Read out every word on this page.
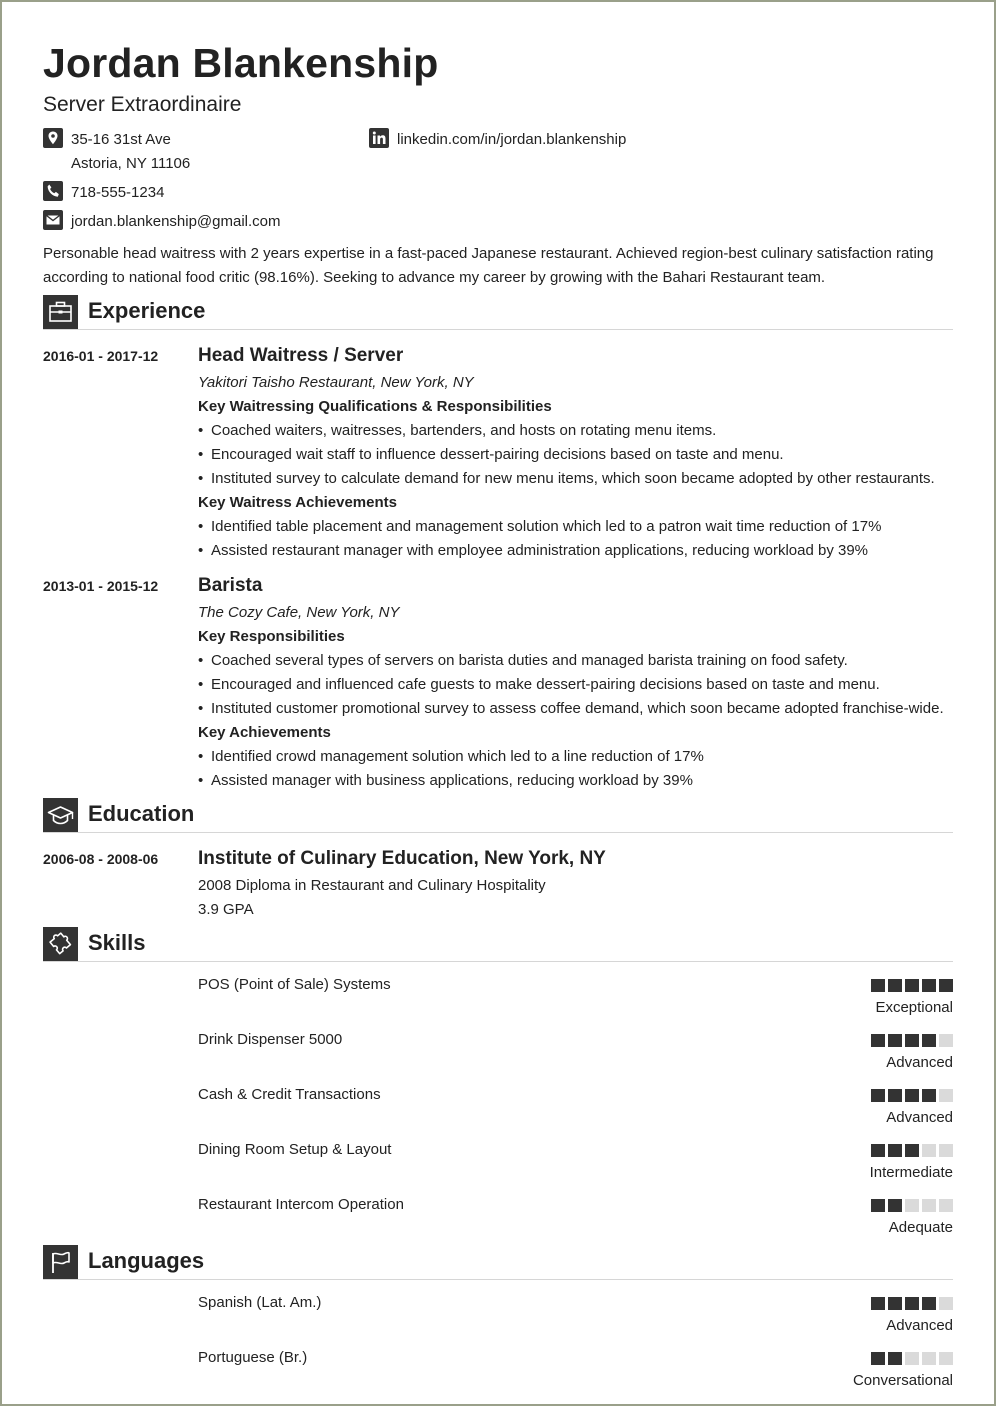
Jordan Blankenship
Server Extraordinaire
35-16 31st Ave
Astoria, NY 11106
linkedin.com/in/jordan.blankenship
718-555-1234
jordan.blankenship@gmail.com
Personable head waitress with 2 years expertise in a fast-paced Japanese restaurant. Achieved region-best culinary satisfaction rating
according to national food critic (98.16%). Seeking to advance my career by growing with the Bahari Restaurant team.
Experience
2016-01 - 2017-12 Head Waitress / Server
Yakitori Taisho Restaurant, New York, NY
Key Waitressing Qualifications & Responsibilities
• Coached waiters, waitresses, bartenders, and hosts on rotating menu items.
• Encouraged wait staff to influence dessert-pairing decisions based on taste and menu.
• Instituted survey to calculate demand for new menu items, which soon became adopted by other restaurants.
Key Waitress Achievements
• Identified table placement and management solution which led to a patron wait time reduction of 17%
• Assisted restaurant manager with employee administration applications, reducing workload by 39%
2013-01 - 2015-12 Barista
The Cozy Cafe, New York, NY
Key Responsibilities
• Coached several types of servers on barista duties and managed barista training on food safety.
• Encouraged and influenced cafe guests to make dessert-pairing decisions based on taste and menu.
• Instituted customer promotional survey to assess coffee demand, which soon became adopted franchise-wide.
Key Achievements
• Identified crowd management solution which led to a line reduction of 17%
• Assisted manager with business applications, reducing workload by 39%
Education
2006-08 - 2008-06 Institute of Culinary Education, New York, NY
2008 Diploma in Restaurant and Culinary Hospitality
3.9 GPA
Skills
POS (Point of Sale) Systems
Exceptional
Drink Dispenser 5000
Advanced
Cash & Credit Transactions
Advanced
Dining Room Setup & Layout
Intermediate
Restaurant Intercom Operation
Adequate
Languages
Spanish (Lat. Am.)
Advanced
Portuguese (Br.)
Conversational
